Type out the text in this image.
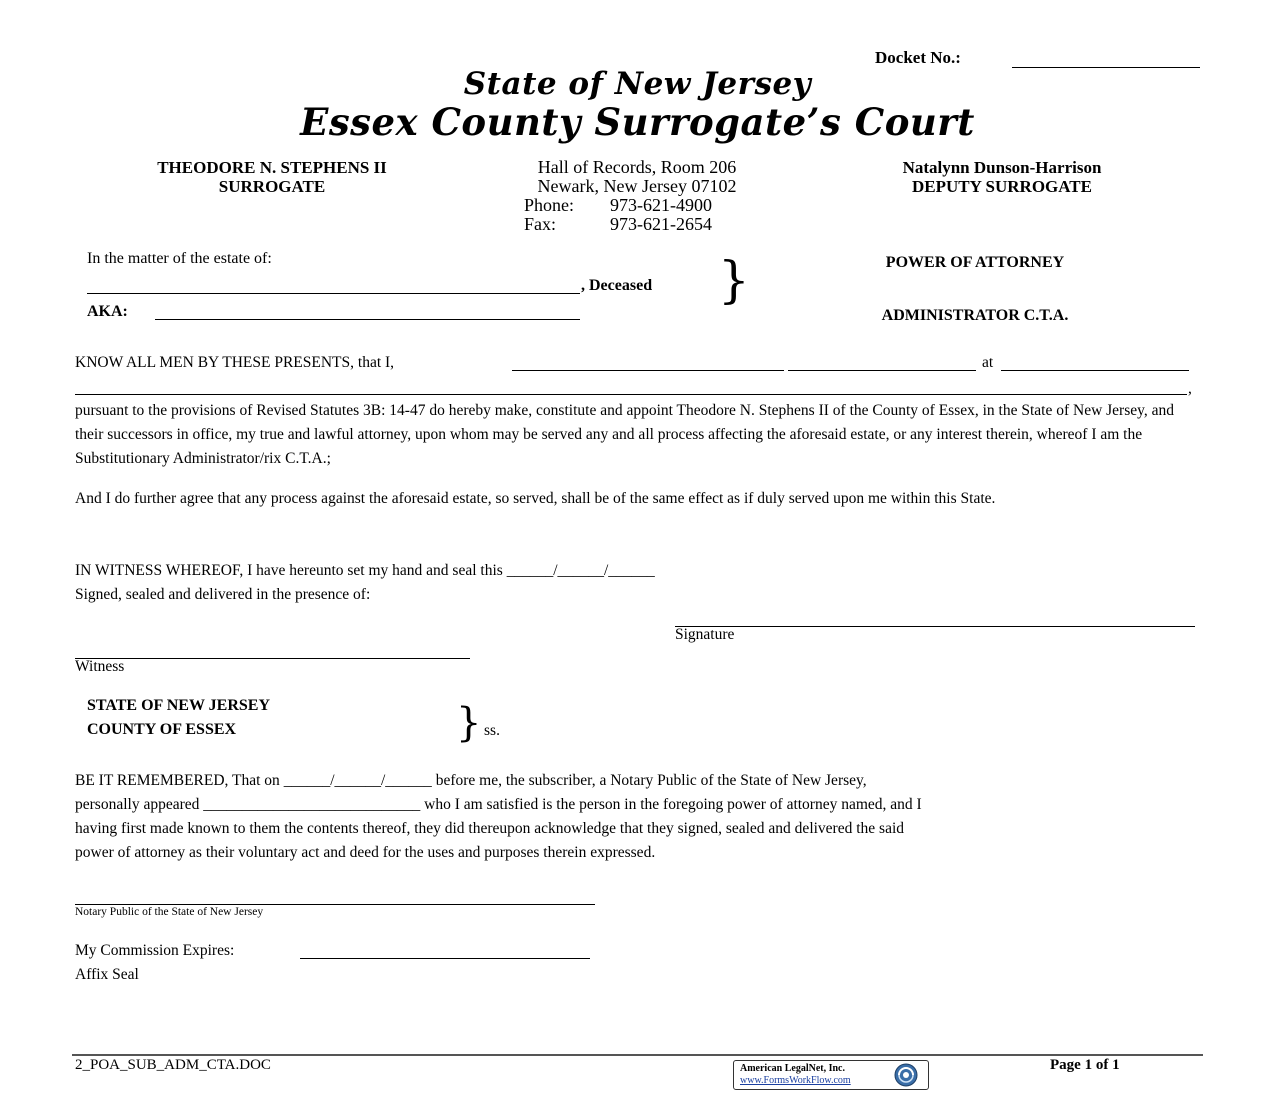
Docket No.:
State of New Jersey
Essex County Surrogate’s Court
THEODORE N. STEPHENS II
SURROGATE
Hall of Records, Room 206
Newark, New Jersey 07102
Phone: 973-621-4900
Fax:	973-621-2654
Natalynn Dunson-Harrison
DEPUTY SURROGATE
In the matter of the estate of:
, Deceased
AKA:
}	POWER OF ATTORNEY
ADMINISTRATOR C.T.A.
KNOW ALL MEN BY THESE PRESENTS, that I,	at
,

pursuant to the provisions of Revised Statutes 3B: 14-47 do hereby make, constitute and appoint Theodore N. Stephens II of the County of Essex, in the State of New Jersey, and their successors in office, my true and lawful attorney, upon whom may be served any and all process affecting the aforesaid estate, or any interest therein, whereof I am the Substitutionary Administrator/rix C.T.A.;

And I do further agree that any process against the aforesaid estate, so served, shall be of the same effect as if duly served upon me within this State.

IN WITNESS WHEREOF, I have hereunto set my hand and seal this ______/______/______
Signed, sealed and delivered in the presence of:
Signature
Witness
STATE OF NEW JERSEY
COUNTY OF ESSEX	} ss.
BE IT REMEMBERED, That on ______/______/______ before me, the subscriber, a Notary Public of the State of New Jersey,
personally appeared ____________________________ who I am satisfied is the person in the foregoing power of attorney named, and I
having first made known to them the contents thereof, they did thereupon acknowledge that they signed, sealed and delivered the said
power of attorney as their voluntary act and deed for the uses and purposes therein expressed.
Notary Public of the State of New Jersey
My Commission Expires:
Affix Seal
2_POA_SUB_ADM_CTA.DOC	American LegalNet, Inc.
www.FormsWorkFlow.com
Page 1 of 1
